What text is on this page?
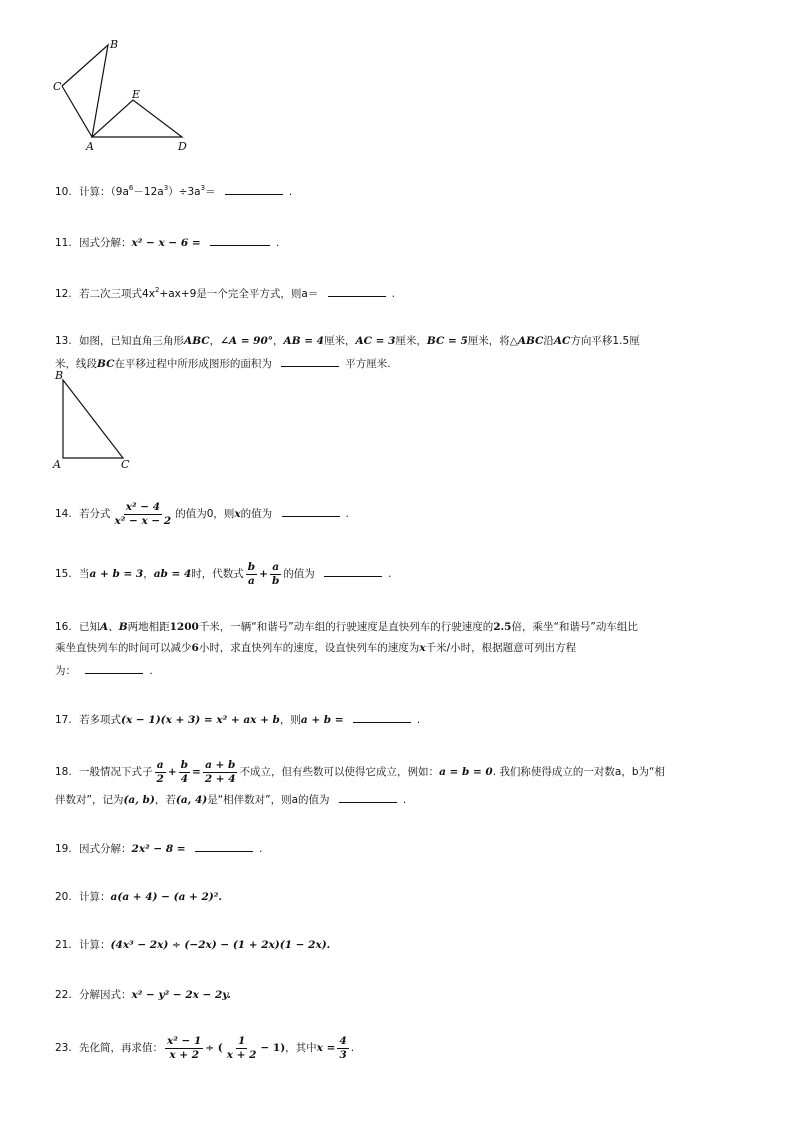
B
C
E
A	D
10. 计算：$(9a^6-12a^3)\div 3a^3=$	.
11. 因式分解：x² − x − 6 =	.
12. 若二次三项式$4x^2+ax+9$是一个完全平方式，则a＝	.
13. 如图，已知直角三角形ABC，∠A = 90°，AB = 4厘米，AC = 3厘米，BC = 5厘米，将△ABC沿AC方向平移1.5厘
米，线段BC在平移过程中所形成图形的面积为	平方厘米.
B
A	C
14. 若分式 $\frac{\text{x² − 4}}{\text{x² − x − 2}}$ 的值为0，则x的值为	.
15. 当a + b = 3，ab = 4时，代数式 $\frac{b}{a} + \frac{a}{b}$ 的值为	.
16. 已知A、B两地相距1200千米，一辆“和谐号”动车组的行驶速度是直快列车的行驶速度的2.5倍，乘坐“和谐号”动车组比
乘坐直快列车的时间可以减少6小时，求直快列车的速度，设直快列车的速度为x千米/小时，根据题意可列出方程
为：	.
17. 若多项式(x − 1)(x + 3) = x² + ax + b，则a + b =	.
18. 一般情况下式子 $\frac{a}{2} + \frac{b}{4} = \frac{a + b}{2 + 4}$ 不成立，但有些数可以使得它成立，例如：a = b = 0. 我们称使得成立的一对数a，b为“相
伴数对”，记为(a, b)，若(a, 4)是“相伴数对”，则a的值为	.
19. 因式分解：2x² − 8 =	.
20. 计算：a(a + 4) − (a + 2)².
21. 计算：(4x³ − 2x) ÷ (−2x) − (1 + 2x)(1 − 2x).
22. 分解因式：x² − y² − 2x − 2y.
23. 先化简，再求值： $\frac{\text{x² − 1}}{x + 2}$ ÷ ( $\frac{1}{x + 2} - 1$)，其中$x = \frac{4}{3}$ .
